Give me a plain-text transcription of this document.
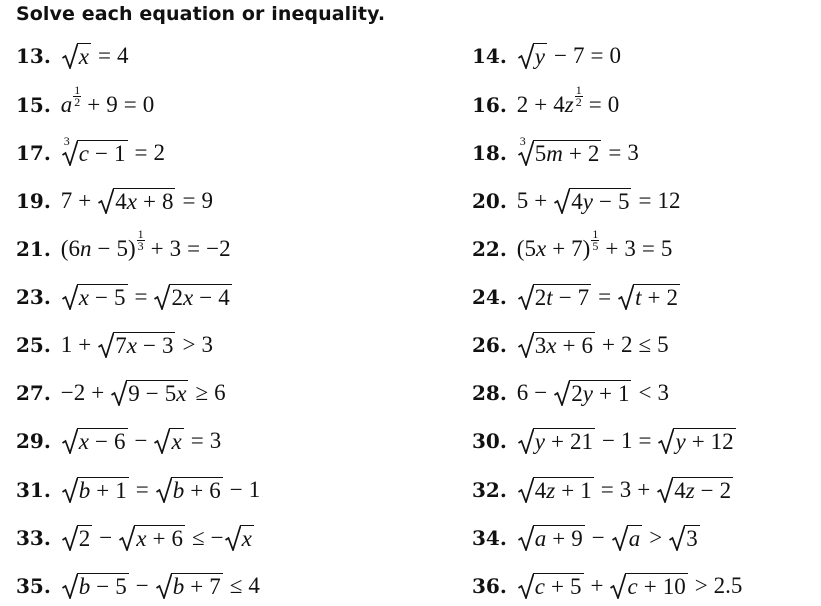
Solve each equation or inequality.
13. x = 4	14. y − 7 = 0
15. a $\frac{1}{2} + 9 = 0$	16. 2 + 4 z $\frac{1}{2} = 0$
17. 3 c − 1 = 2	18. 3 5m + 2 = 3
19. 7 + 4x + 8 = 9	20. 5 + 4y − 5 = 12
21. (6 $n - 5) \frac{1}{3} + 3 = -2$	22. (5 $x + 7) \frac{1}{5} + 3 = 5$
23. x − 5 = 2x − 4	24. 2t − 7 = t + 2
25. 1 + 7x − 3 > 3	26. 3x + 6 + 2 ≤ 5
27. −2 + 9 − 5x ≥ 6	28. 6 − 2y + 1 < 3
29. x − 6 − x = 3	30. y + 21 − 1 = y + 12
31. b + 1 = b + 6 − 1	32. 4z + 1 = 3 + 4z − 2
33. 2 − x + 6 ≤ − x	34. a + 9 − a > 3
35. b − 5 − b + 7 ≤ 4	36. c + 5 + c + 10 > 2.5
